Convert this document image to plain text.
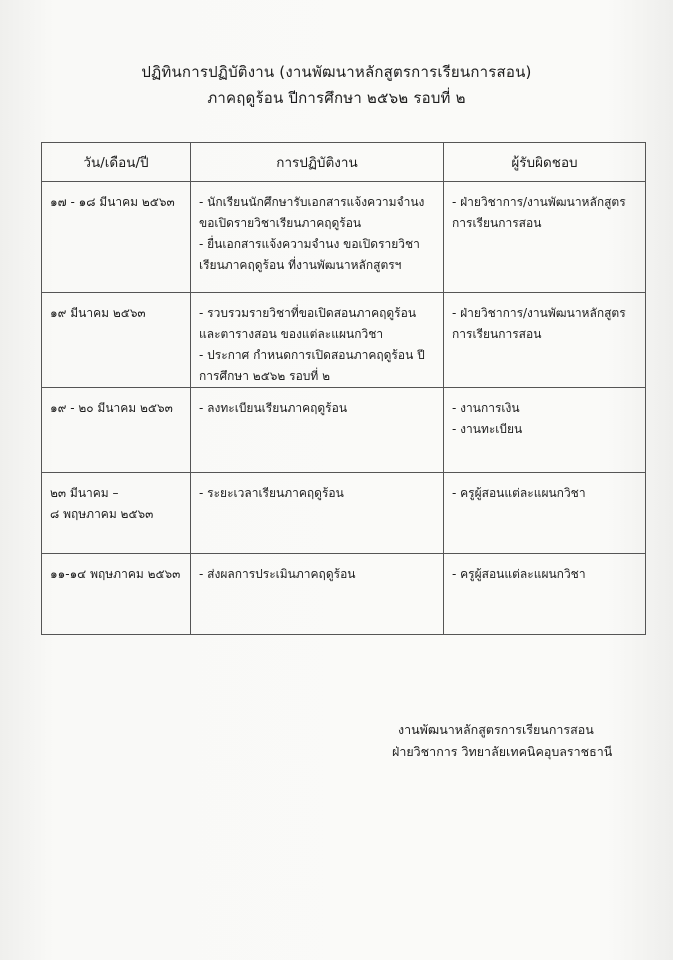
ปฏิทินการปฏิบัติงาน (งานพัฒนาหลักสูตรการเรียนการสอน)
ภาคฤดูร้อน ปีการศึกษา ๒๕๖๒ รอบที่ ๒
วัน/เดือน/ปี	การปฏิบัติงาน	ผู้รับผิดชอบ

๑๗ - ๑๘ มีนาคม ๒๕๖๓	- นักเรียนนักศึกษารับเอกสารแจ้งความจำนง
ขอเปิดรายวิชาเรียนภาคฤดูร้อน
- ยื่นเอกสารแจ้งความจำนง ขอเปิดรายวิชา
เรียนภาคฤดูร้อน ที่งานพัฒนาหลักสูตรฯ	- ฝ่ายวิชาการ/งานพัฒนาหลักสูตร
การเรียนการสอน

๑๙ มีนาคม ๒๕๖๓	- รวบรวมรายวิชาที่ขอเปิดสอนภาคฤดูร้อน
และตารางสอน ของแต่ละแผนกวิชา
- ประกาศ กำหนดการเปิดสอนภาคฤดูร้อน ปี
การศึกษา ๒๕๖๒ รอบที่ ๒	- ฝ่ายวิชาการ/งานพัฒนาหลักสูตร
การเรียนการสอน

๑๙ - ๒๐ มีนาคม ๒๕๖๓	- ลงทะเบียนเรียนภาคฤดูร้อน	- งานการเงิน
- งานทะเบียน

๒๓ มีนาคม –
๘ พฤษภาคม ๒๕๖๓	- ระยะเวลาเรียนภาคฤดูร้อน	- ครูผู้สอนแต่ละแผนกวิชา

๑๑-๑๔ พฤษภาคม ๒๕๖๓	- ส่งผลการประเมินภาคฤดูร้อน	- ครูผู้สอนแต่ละแผนกวิชา
งานพัฒนาหลักสูตรการเรียนการสอน
ฝ่ายวิชาการ วิทยาลัยเทคนิคอุบลราชธานี
